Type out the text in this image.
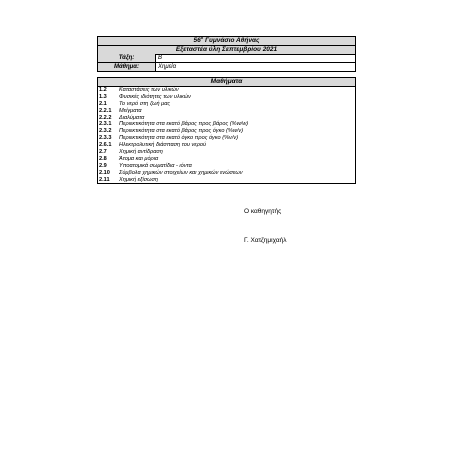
$56^o$ Γυμνάσιο Αθήνας
Εξεταστέα ύλη Σεπτεμβρίου 2021
Τάξη:	Β
Μάθημα:	Χημεία
Μαθήματα
1.2	Καταστάσεις των υλικών
1.3	Φυσικές ιδιότητες των υλικών
2.1	Το νερό στη ζωή μας
2.2.1	Μείγματα
2.2.2	Διαλύματα
2.3.1	Περιεκτικότητα στα εκατό βάρος προς βάρος (%w/w)
2.3.2	Περιεκτικότητα στα εκατό βάρος προς όγκο (%w/v)
2.3.3	Περιεκτικότητα στα εκατό όγκο προς όγκο (%v/v)
2.6.1	Ηλεκτρολυτική διάσπαση του νερού
2.7	Χημική αντίδραση
2.8	Άτομα και μόρια
2.9	Υποατομικά σωματίδια - ιόντα
2.10	Σύμβολα χημικών στοιχείων και χημικών ενώσεων
2.11	Χημική εξίσωση
Ο καθηγητής
Γ. Χατζημιχαήλ
